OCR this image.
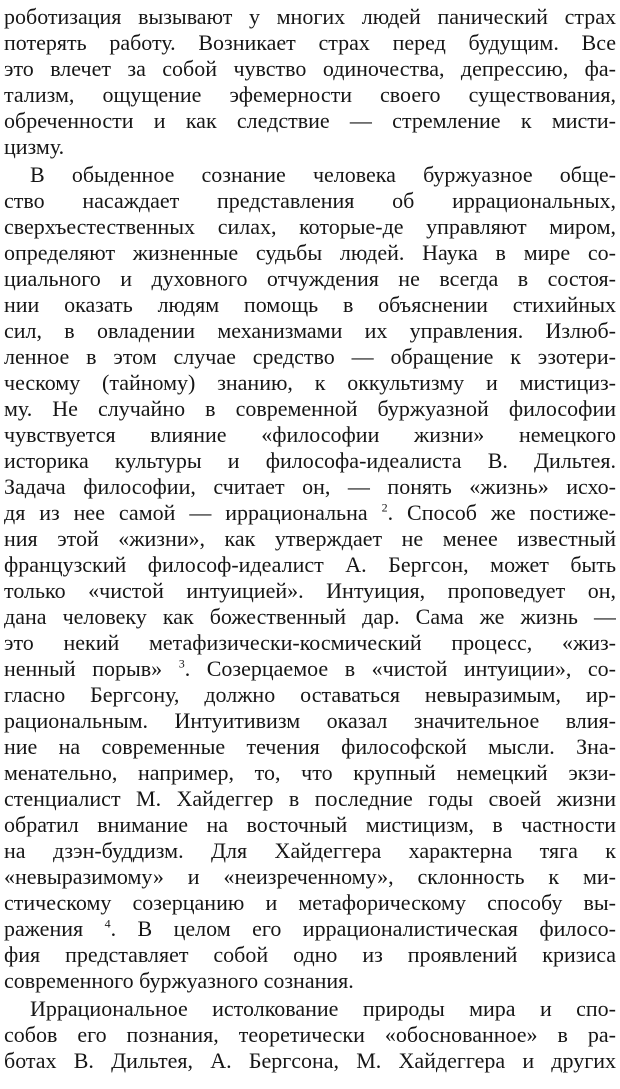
роботизация вызывают у многих людей панический страх
потерять работу. Возникает страх перед будущим. Все
это влечет за собой чувство одиночества, депрессию, фа-
тализм, ощущение эфемерности своего существования,
обреченности и как следствие — стремление к мисти-
цизму.
В обыденное сознание человека буржуазное обще-
ство насаждает представления об иррациональных,
сверхъестественных силах, которые-де управляют миром,
определяют жизненные судьбы людей. Наука в мире со-
циального и духовного отчуждения не всегда в состоя-
нии оказать людям помощь в объяснении стихийных
сил, в овладении механизмами их управления. Излюб-
ленное в этом случае средство — обращение к эзотери-
ческому (тайному) знанию, к оккультизму и мистициз-
му. Не случайно в современной буржуазной философии
чувствуется влияние «философии жизни» немецкого
историка культуры и философа-идеалиста В. Дильтея.
Задача философии, считает он, — понять «жизнь» исхо-
дя из нее самой — иррациональна $^2$. Способ же постиже-
ния этой «жизни», как утверждает не менее известный
французский философ-идеалист А. Бергсон, может быть
только «чистой интуицией». Интуиция, проповедует он,
дана человеку как божественный дар. Сама же жизнь —
это некий метафизически-космический процесс, «жиз-
ненный порыв» $^3$. Созерцаемое в «чистой интуиции», со-
гласно Бергсону, должно оставаться невыразимым, ир-
рациональным. Интуитивизм оказал значительное влия-
ние на современные течения философской мысли. Зна-
менательно, например, то, что крупный немецкий экзи-
стенциалист М. Хайдеггер в последние годы своей жизни
обратил внимание на восточный мистицизм, в частности
на дзэн-буддизм. Для Хайдеггера характерна тяга к
«невыразимому» и «неизреченному», склонность к ми-
стическому созерцанию и метафорическому способу вы-
ражения $^4$. В целом его иррационалистическая филосо-
фия представляет собой одно из проявлений кризиса
современного буржуазного сознания.
Иррациональное истолкование природы мира и спо-
собов его познания, теоретически «обоснованное» в ра-
ботах В. Дильтея, А. Бергсона, М. Хайдеггера и других
